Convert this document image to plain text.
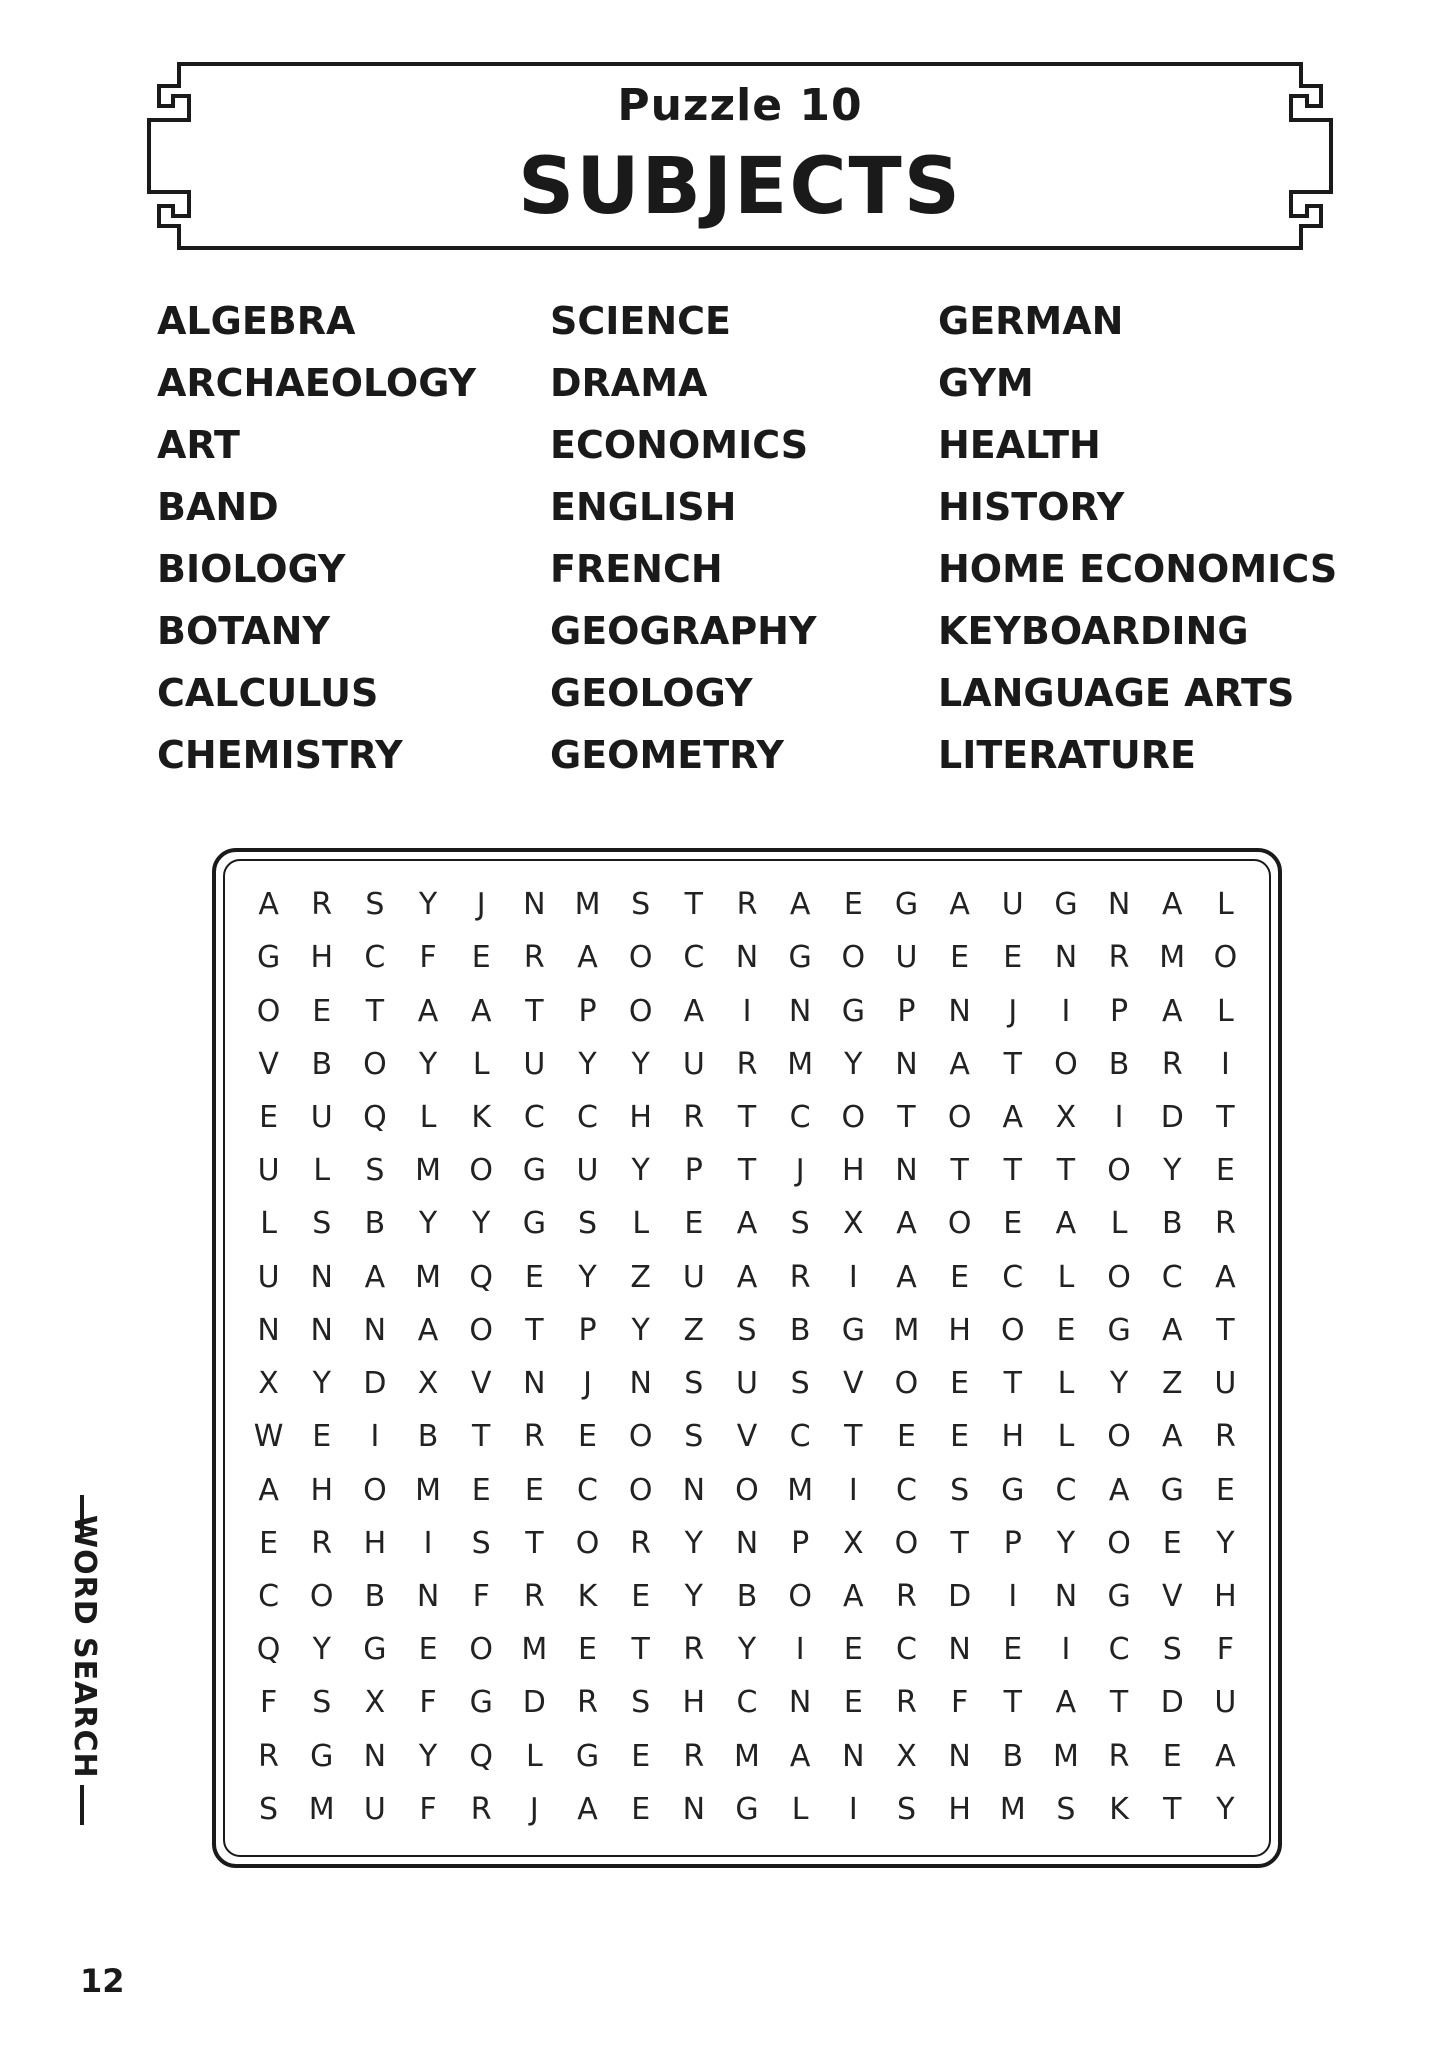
Puzzle 10
SUBJECTS
ALGEBRA
ARCHAEOLOGY
ART
BAND
BIOLOGY
BOTANY
CALCULUS
CHEMISTRY
SCIENCE
DRAMA
ECONOMICS
ENGLISH
FRENCH
GEOGRAPHY
GEOLOGY
GEOMETRY
GERMAN
GYM
HEALTH
HISTORY
HOME ECONOMICS
KEYBOARDING
LANGUAGE ARTS
LITERATURE
A	R	S	Y	J	N M	S	T	R	A	E	G	A	U	G	N	A	L
G	H	C	F	E	R	A	O	C	N	G O	U	E	E	N	R M O
O	E	T	A	A	T	P	O	A	I	N	G	P	N	J	I	P	A	L
V	B	O	Y	L	U	Y	Y	U	R M	Y	N	A	T	O	B	R	I
E	U	Q	L	K	C	C	H	R	T	C	O	T	O	A	X	I	D	T
U	L	S	M O G	U	Y	P	T	J	H	N	T	T	T	O	Y	E
L	S	B	Y	Y	G	S	L	E	A	S	X	A	O	E	A	L	B	R
U	N	A M Q	E	Y	Z	U	A	R	I	A	E	C	L	O	C	A
N	N	N	A	O	T	P	Y	Z	S	B	G M H	O	E	G	A	T
X	Y	D	X	V	N	J	N	S	U	S	V	O	E	T	L	Y	Z	U
W E	I	B	T	R	E	O	S	V	C	T	E	E	H	L	O	A	R
A	H	O M	E	E	C	O	N	O M	I	C	S	G	C	A	G	E
E	R	H	I	S	T	O	R	Y	N	P	X	O	T	P	Y	O	E	Y
C	O	B	N	F	R	K	E	Y	B	O	A	R	D	I	N	G	V	H
Q	Y	G	E	O M	E	T	R	Y	I	E	C	N	E	I	C	S	F
F	S	X	F	G D	R	S	H	C	N	E	R	F	T	A	T	D	U
R	G	N	Y	Q	L	G	E	R M A	N	X	N	B M R	E	A
S	M U	F	R	J	A	E	N	G	L	I	S	H M	S	K	T	Y
WORD SEARCH
12
